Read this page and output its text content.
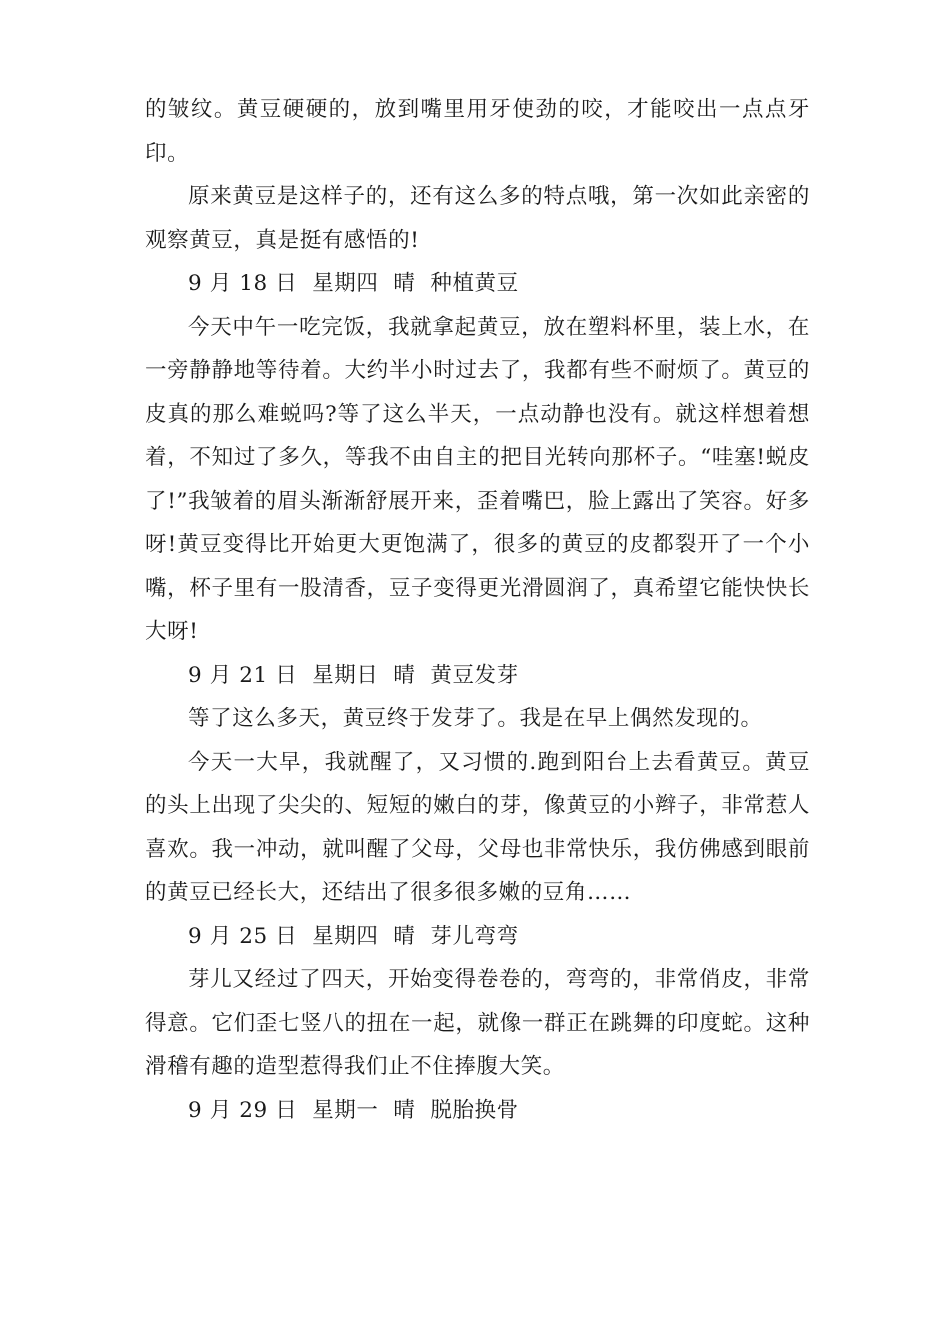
的皱纹。黄豆硬硬的，放到嘴里用牙使劲的咬，才能咬出一点点牙印。

原来黄豆是这样子的，还有这么多的特点哦，第一次如此亲密的观察黄豆，真是挺有感悟的!

9 月 18 日  星期四  晴  种植黄豆

今天中午一吃完饭，我就拿起黄豆，放在塑料杯里，装上水，在一旁静静地等待着。大约半小时过去了，我都有些不耐烦了。黄豆的皮真的那么难蜕吗?等了这么半天，一点动静也没有。就这样想着想着，不知过了多久，等我不由自主的把目光转向那杯子。“哇塞!蜕皮了!”我皱着的眉头渐渐舒展开来，歪着嘴巴，脸上露出了笑容。好多呀!黄豆变得比开始更大更饱满了，很多的黄豆的皮都裂开了一个小嘴，杯子里有一股清香，豆子变得更光滑圆润了，真希望它能快快长大呀!

9 月 21 日  星期日  晴  黄豆发芽

等了这么多天，黄豆终于发芽了。我是在早上偶然发现的。

今天一大早，我就醒了，又习惯的.跑到阳台上去看黄豆。黄豆的头上出现了尖尖的、短短的嫩白的芽，像黄豆的小辫子，非常惹人喜欢。我一冲动，就叫醒了父母，父母也非常快乐，我仿佛感到眼前的黄豆已经长大，还结出了很多很多嫩的豆角……

9 月 25 日  星期四  晴  芽儿弯弯

芽儿又经过了四天，开始变得卷卷的，弯弯的，非常俏皮，非常得意。它们歪七竖八的扭在一起，就像一群正在跳舞的印度蛇。这种滑稽有趣的造型惹得我们止不住捧腹大笑。

9 月 29 日  星期一  晴  脱胎换骨
